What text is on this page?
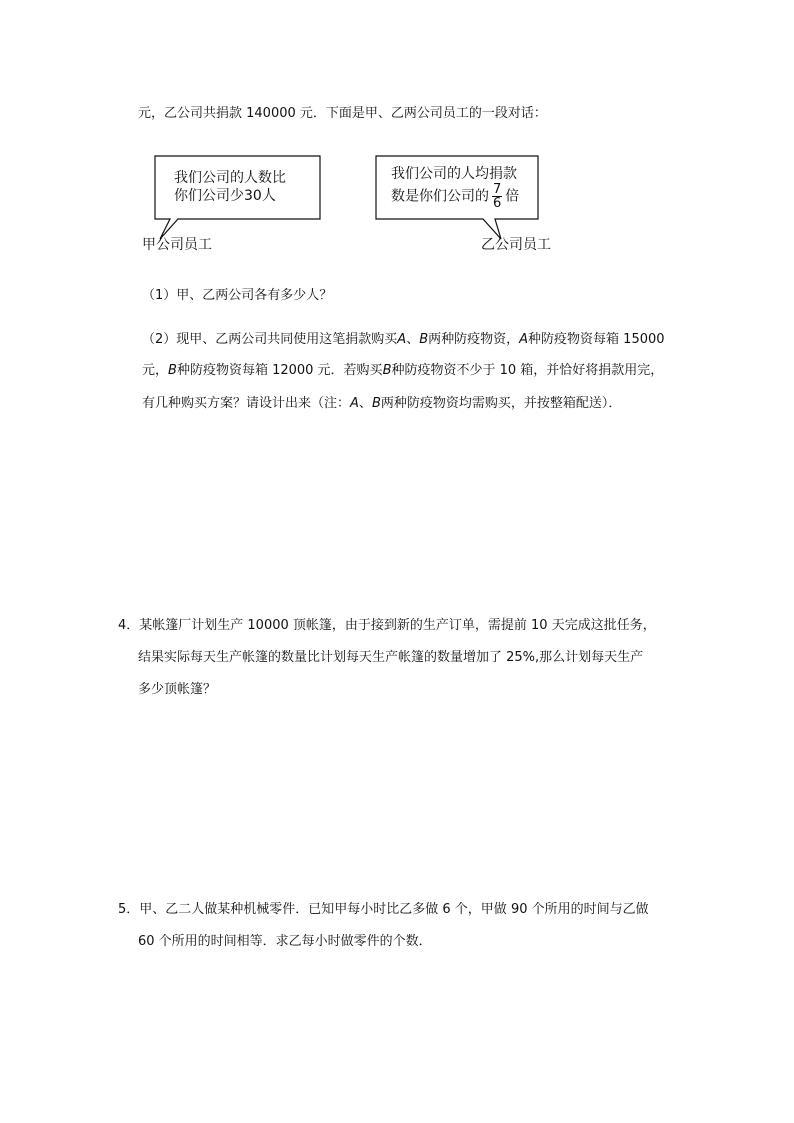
元，乙公司共捐款 140000 元．下面是甲、乙两公司员工的一段对话：
我们公司的人数比
你们公司少30人
甲公司员工
我们公司的人均捐款
数是你们公司的 $\frac{7}{6}$ 倍
乙公司员工
（1）甲、乙两公司各有多少人？
（2）现甲、乙两公司共同使用这笔捐款购买A、B两种防疫物资，A种防疫物资每箱 15000
元，B种防疫物资每箱 12000 元．若购买B种防疫物资不少于 10 箱，并恰好将捐款用完，
有几种购买方案？请设计出来（注：A、B两种防疫物资均需购买，并按整箱配送）．
4．某帐篷厂计划生产 10000 顶帐篷，由于接到新的生产订单，需提前 10 天完成这批任务，
结果实际每天生产帐篷的数量比计划每天生产帐篷的数量增加了 25%,那么计划每天生产
多少顶帐篷？
5．甲、乙二人做某种机械零件．已知甲每小时比乙多做 6 个，甲做 90 个所用的时间与乙做
60 个所用的时间相等．求乙每小时做零件的个数．
